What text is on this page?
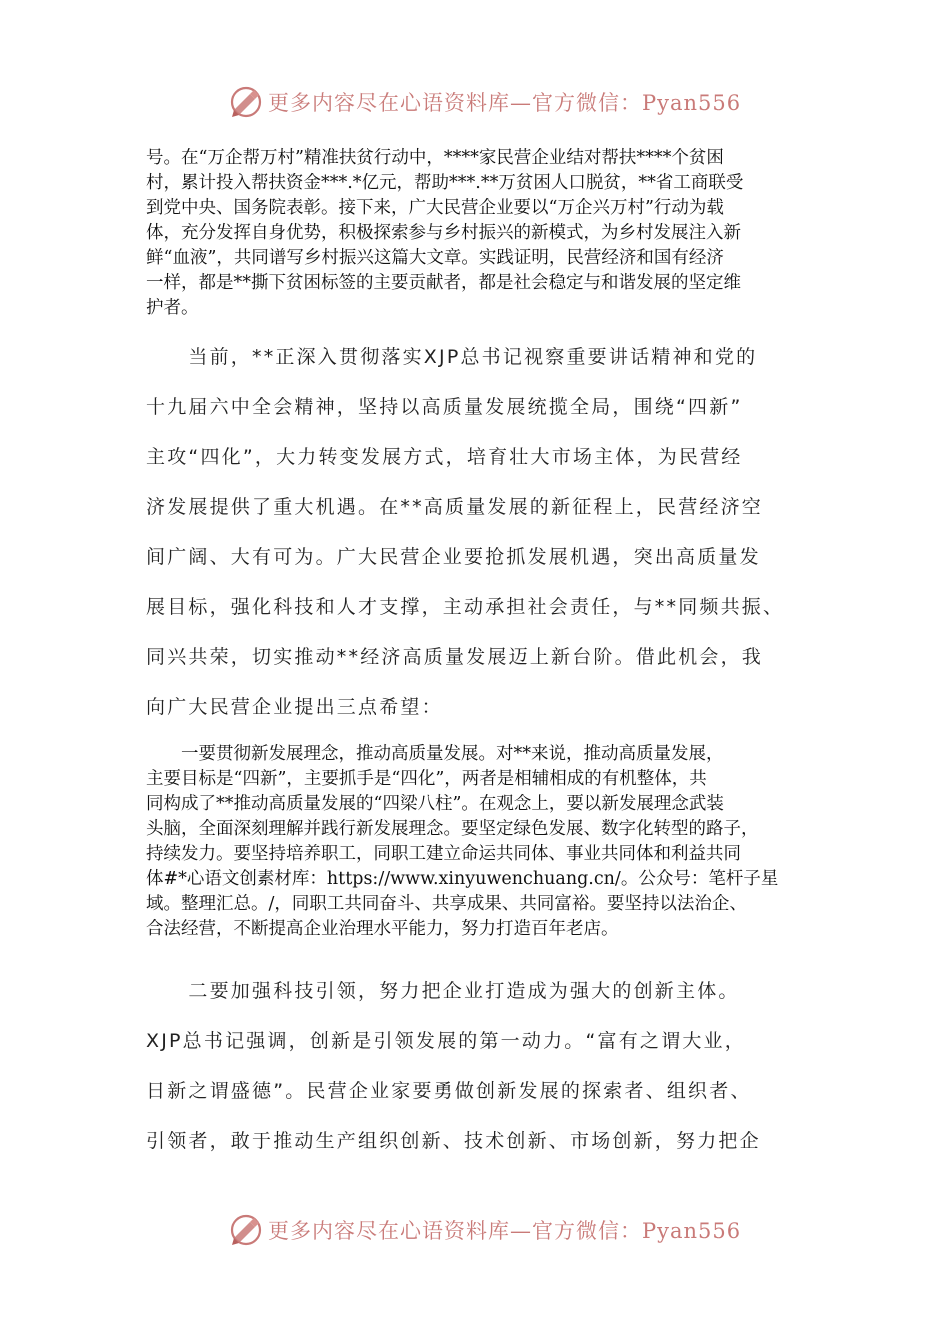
更多内容尽在心语资料库—官方微信：Pyan556
号。在“万企帮万村”精准扶贫行动中，****家民营企业结对帮扶****个贫困
村，累计投入帮扶资金***.*亿元，帮助***.**万贫困人口脱贫，**省工商联受
到党中央、国务院表彰。接下来，广大民营企业要以“万企兴万村”行动为载
体，充分发挥自身优势，积极探索参与乡村振兴的新模式，为乡村发展注入新
鲜“血液”，共同谱写乡村振兴这篇大文章。实践证明，民营经济和国有经济
一样，都是**撕下贫困标签的主要贡献者，都是社会稳定与和谐发展的坚定维
护者。
　　当前，**正深入贯彻落实XJP总书记视察重要讲话精神和党的
十九届六中全会精神，坚持以高质量发展统揽全局，围绕“四新”
主攻“四化”，大力转变发展方式，培育壮大市场主体，为民营经
济发展提供了重大机遇。在**高质量发展的新征程上，民营经济空
间广阔、大有可为。广大民营企业要抢抓发展机遇，突出高质量发
展目标，强化科技和人才支撑，主动承担社会责任，与**同频共振、
同兴共荣，切实推动**经济高质量发展迈上新台阶。借此机会，我
向广大民营企业提出三点希望：
　　一要贯彻新发展理念，推动高质量发展。对**来说，推动高质量发展，
主要目标是“四新”，主要抓手是“四化”，两者是相辅相成的有机整体，共
同构成了**推动高质量发展的“四梁八柱”。在观念上，要以新发展理念武装
头脑，全面深刻理解并践行新发展理念。要坚定绿色发展、数字化转型的路子，
持续发力。要坚持培养职工，同职工建立命运共同体、事业共同体和利益共同
体#*心语文创素材库：https://www.xinyuwenchuang.cn/。公众号：笔杆子星
域。整理汇总。/，同职工共同奋斗、共享成果、共同富裕。要坚持以法治企、
合法经营，不断提高企业治理水平能力，努力打造百年老店。
　　二要加强科技引领，努力把企业打造成为强大的创新主体。
XJP总书记强调，创新是引领发展的第一动力。“富有之谓大业，
日新之谓盛德”。民营企业家要勇做创新发展的探索者、组织者、
引领者，敢于推动生产组织创新、技术创新、市场创新，努力把企
更多内容尽在心语资料库—官方微信：Pyan556
